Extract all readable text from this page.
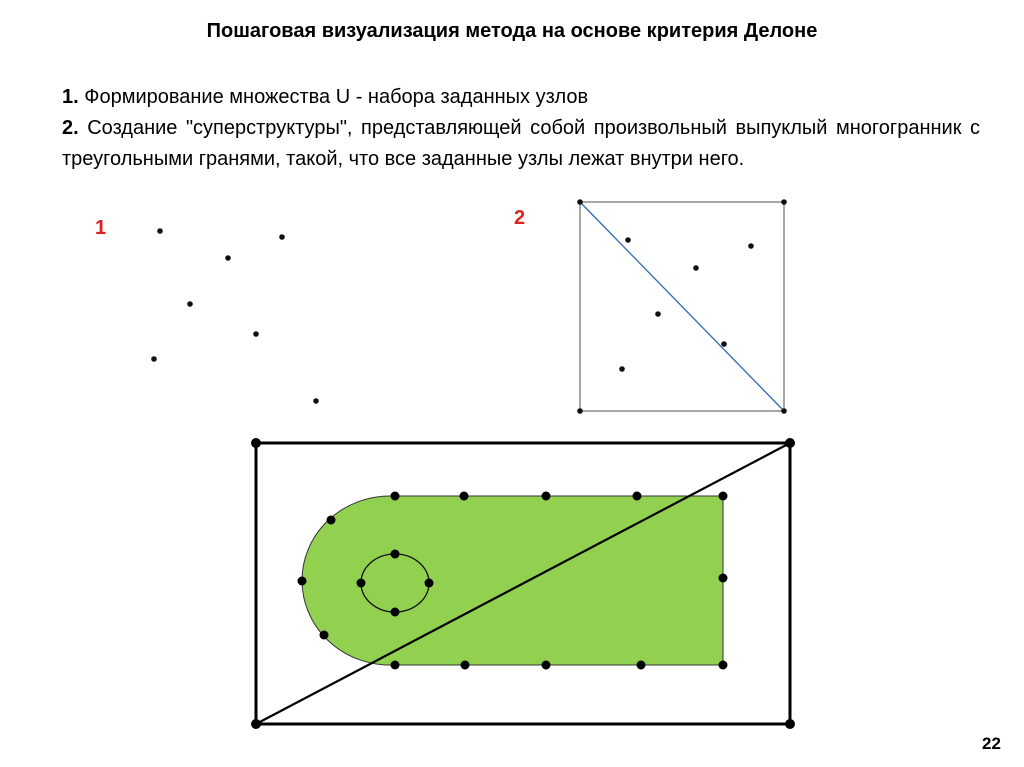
Пошаговая визуализация метода на основе критерия Делоне

1. Формирование множества U - набора заданных узлов

2. Создание "суперструктуры", представляющей собой произвольный выпуклый многогранник с треугольными гранями, такой, что все заданные узлы лежат внутри него.

1	2
22
